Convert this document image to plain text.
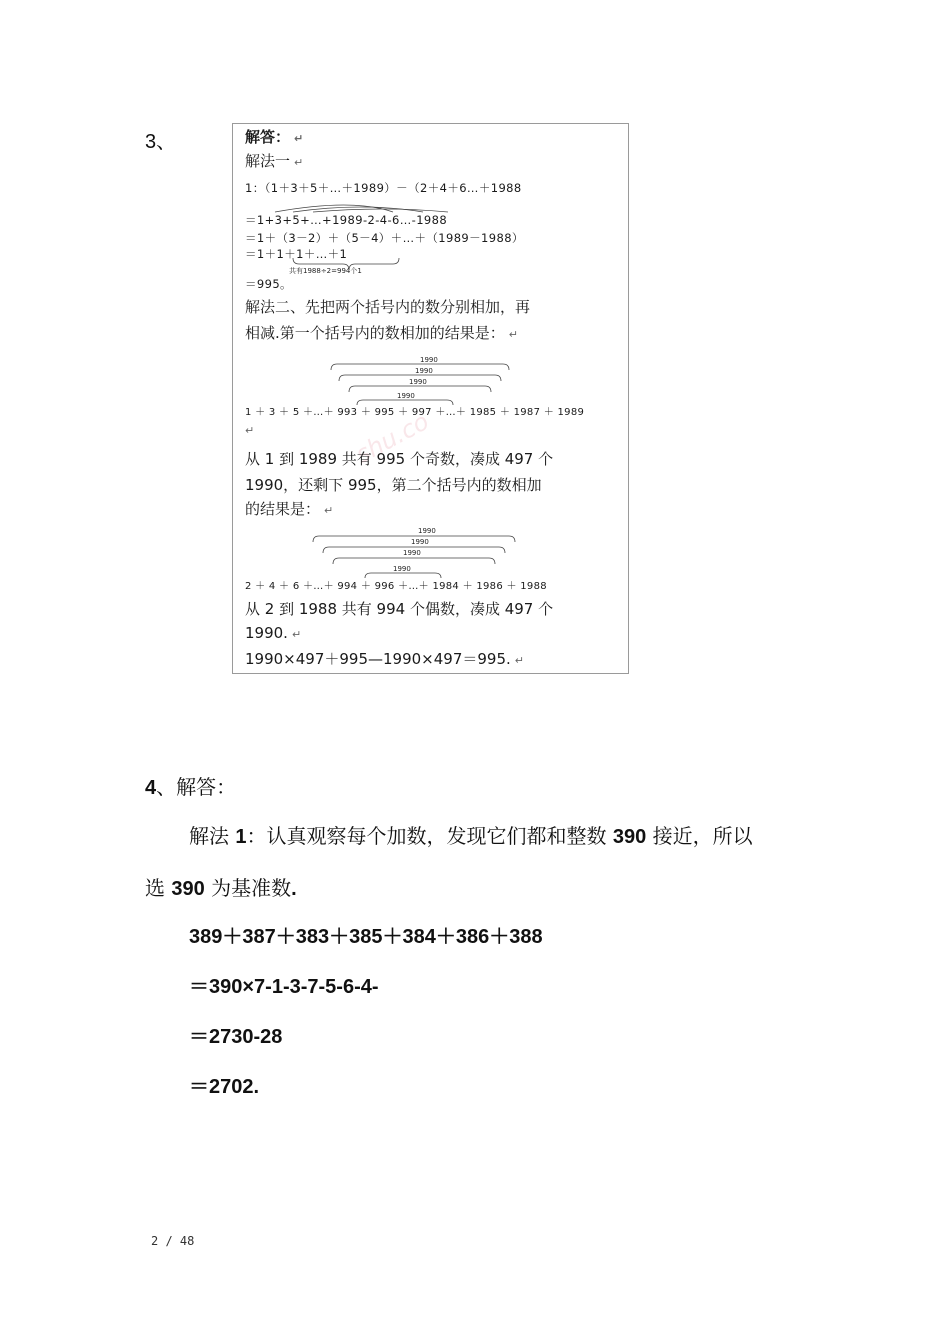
3、
shu.co
解答： ↵
解法一 ↵
1：（1＋3＋5＋…＋1989）－（2＋4＋6…＋1988
＝1+3+5+…+1989-2-4-6…-1988
＝1＋（3－2）＋（5－4）＋…＋（1989－1988）
＝1＋1＋1＋…＋1
共有1988÷2=994个1
＝995。
解法二、先把两个括号内的数分别相加，再
相减.第一个括号内的数相加的结果是： ↵
1990
1990
1990
1990
1 ＋ 3 ＋ 5 ＋…＋ 993 ＋ 995 ＋ 997 ＋…＋ 1985 ＋ 1987 ＋ 1989
↵
从 1 到 1989 共有 995 个奇数，凑成 497 个
1990，还剩下 995，第二个括号内的数相加
的结果是： ↵
1990
1990
1990
1990
2 ＋ 4 ＋ 6 ＋…＋ 994 ＋ 996 ＋…＋ 1984 ＋ 1986 ＋ 1988
从 2 到 1988 共有 994 个偶数，凑成 497 个
1990. ↵
1990×497＋995—1990×497＝995. ↵
4、解答：
解法 1：认真观察每个加数，发现它们都和整数 390 接近，所以
选 390 为基准数.
389＋387＋383＋385＋384＋386＋388
＝390×7-1-3-7-5-6-4-
＝2730-28
＝2702.
2 / 48
